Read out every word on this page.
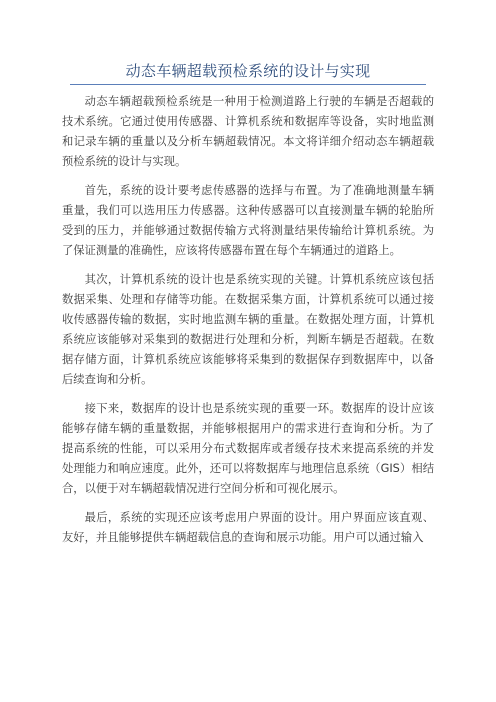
动态车辆超载预检系统的设计与实现

动态车辆超载预检系统是一种用于检测道路上行驶的车辆是否超载的技术系统。它通过使用传感器、计算机系统和数据库等设备，实时地监测和记录车辆的重量以及分析车辆超载情况。本文将详细介绍动态车辆超载预检系统的设计与实现。

首先，系统的设计要考虑传感器的选择与布置。为了准确地测量车辆重量，我们可以选用压力传感器。这种传感器可以直接测量车辆的轮胎所受到的压力，并能够通过数据传输方式将测量结果传输给计算机系统。为了保证测量的准确性，应该将传感器布置在每个车辆通过的道路上。

其次，计算机系统的设计也是系统实现的关键。计算机系统应该包括数据采集、处理和存储等功能。在数据采集方面，计算机系统可以通过接收传感器传输的数据，实时地监测车辆的重量。在数据处理方面，计算机系统应该能够对采集到的数据进行处理和分析，判断车辆是否超载。在数据存储方面，计算机系统应该能够将采集到的数据保存到数据库中，以备后续查询和分析。

接下来，数据库的设计也是系统实现的重要一环。数据库的设计应该能够存储车辆的重量数据，并能够根据用户的需求进行查询和分析。为了提高系统的性能，可以采用分布式数据库或者缓存技术来提高系统的并发处理能力和响应速度。此外，还可以将数据库与地理信息系统（GIS）相结合，以便于对车辆超载情况进行空间分析和可视化展示。

最后，系统的实现还应该考虑用户界面的设计。用户界面应该直观、友好，并且能够提供车辆超载信息的查询和展示功能。用户可以通过输入
